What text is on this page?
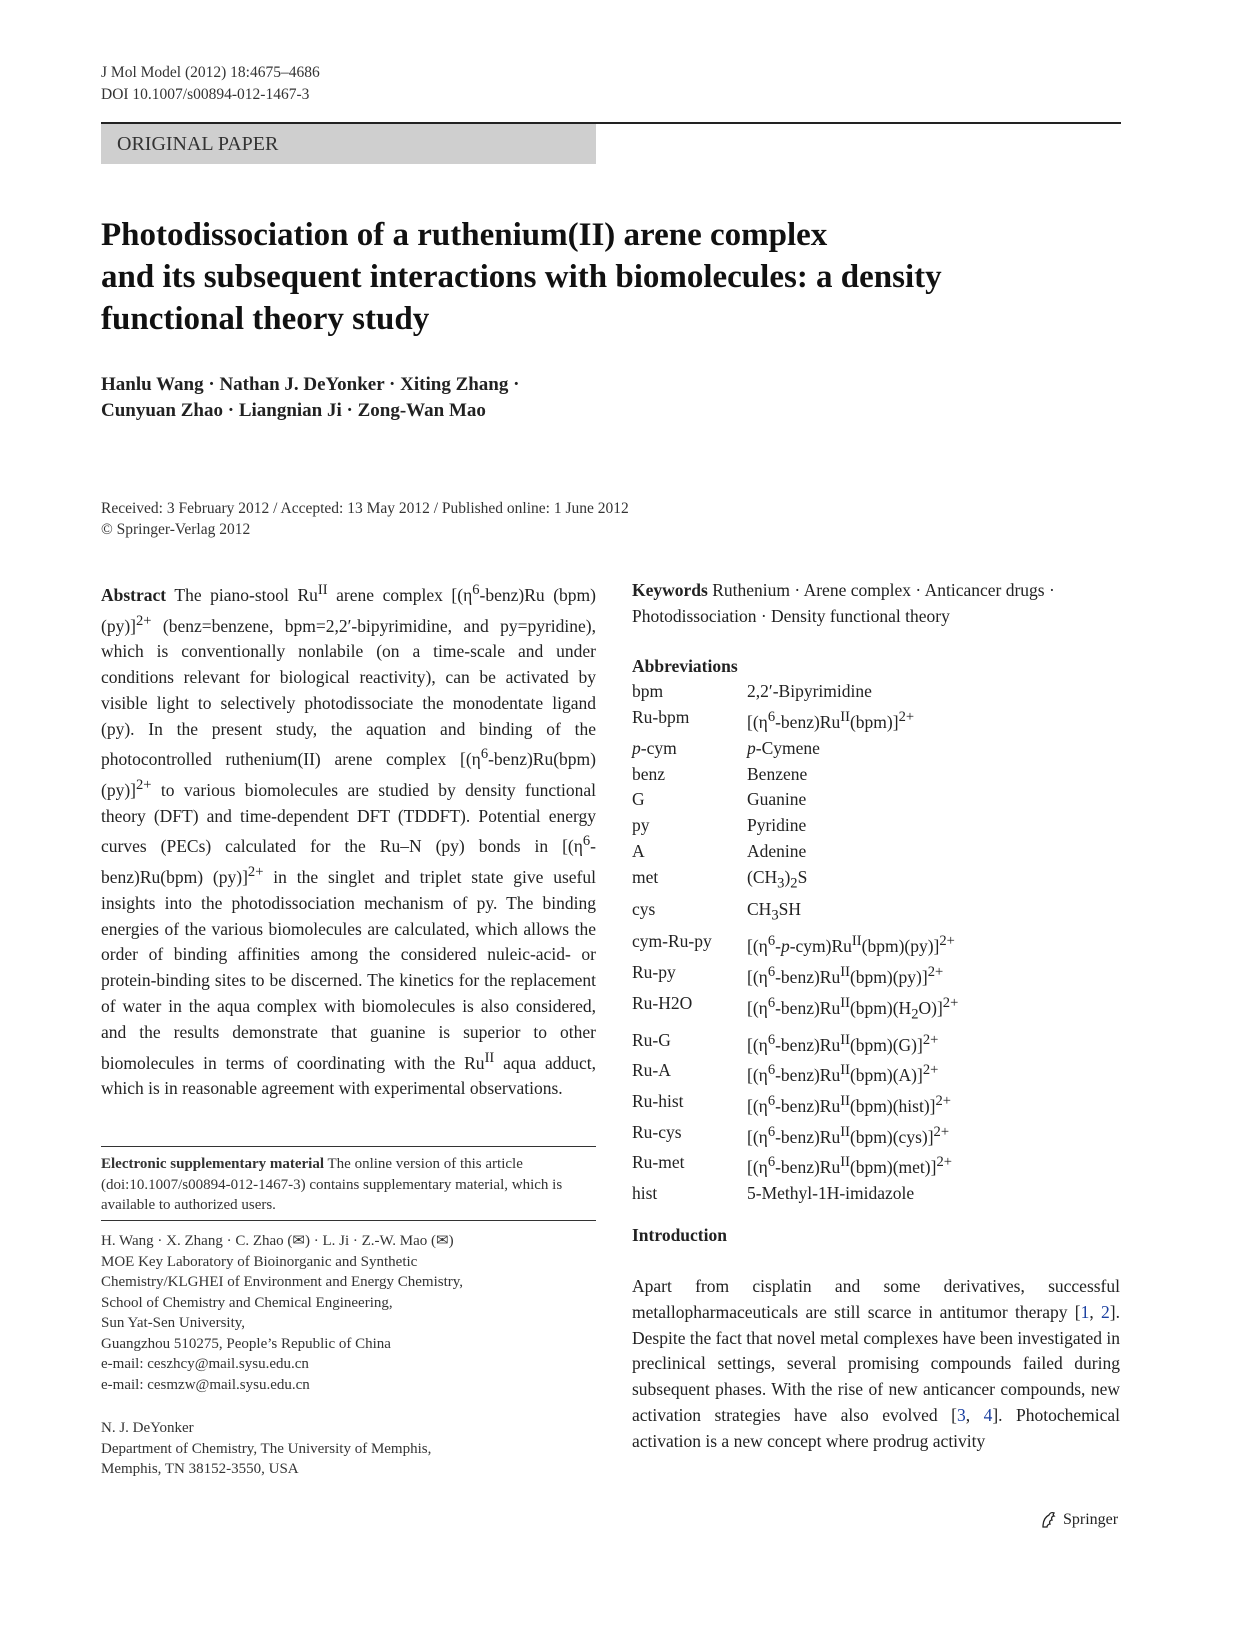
J Mol Model (2012) 18:4675–4686
DOI 10.1007/s00894-012-1467-3
ORIGINAL PAPER
Photodissociation of a ruthenium(II) arene complex
and its subsequent interactions with biomolecules: a density
functional theory study
Hanlu Wang · Nathan J. DeYonker · Xiting Zhang ·
Cunyuan Zhao · Liangnian Ji · Zong-Wan Mao
Received: 3 February 2012 / Accepted: 13 May 2012 / Published online: 1 June 2012
© Springer-Verlag 2012
Abstract The piano-stool $Ru^{II}$ arene complex [$(\eta^6-benz)Ru$ (bpm)(py)]$^{2+}$ (benz=benzene, bpm=2,2′-bipyrimidine, and py=pyridine), which is conventionally nonlabile (on a time-scale and under conditions relevant for biological reactivity), can be activated by visible light to selectively photodissociate the monodentate ligand (py). In the present study, the aquation and binding of the photocontrolled ruthenium(II) arene complex $[(\eta^6-benz)Ru(bpm)(py)]^{2+}$ to various biomolecules are studied by density functional theory (DFT) and time-dependent DFT (TDDFT). Potential energy curves (PECs) calculated for the Ru–N (py) bonds in [$(\eta^6-benz)Ru(bpm)$ (py)]$^{2+}$ in the singlet and triplet state give useful insights into the photodissociation mechanism of py. The binding energies of the various biomolecules are calculated, which allows the order of binding affinities among the considered nuleic-acid- or protein-binding sites to be discerned. The kinetics for the replacement of water in the aqua complex with biomolecules is also considered, and the results demonstrate that guanine is superior to other biomolecules in terms of coordinating with the $Ru^{II}$ aqua adduct, which is in reasonable agreement with experimental observations.
Keywords Ruthenium · Arene complex · Anticancer drugs · Photodissociation · Density functional theory
Abbreviations
bpm	2,2′-Bipyrimidine
Ru-bpm	$[(\eta^6-benz)Ru^{II}(bpm)]^{2+}$
p-cym	p-Cymene
benz	Benzene
G	Guanine
py	Pyridine
A	Adenine
met	$(CH_3)_2S$
cys	$CH_3SH$
cym-Ru-py	$[(\eta^6-p-cym)Ru^{II}(bpm)(py)]^{2+}$
Ru-py	$[(\eta^6-benz)Ru^{II}(bpm)(py)]^{2+}$
Ru-H2O	$[(\eta^6-benz)Ru^{II}(bpm)(H_2O)]^{2+}$
Ru-G	$[(\eta^6-benz)Ru^{II}(bpm)(G)]^{2+}$
Ru-A	$[(\eta^6-benz)Ru^{II}(bpm)(A)]^{2+}$
Ru-hist	$[(\eta^6-benz)Ru^{II}(bpm)(hist)]^{2+}$
Ru-cys	$[(\eta^6-benz)Ru^{II}(bpm)(cys)]^{2+}$
Ru-met	$[(\eta^6-benz)Ru^{II}(bpm)(met)]^{2+}$
hist	5-Methyl-1H-imidazole
Electronic supplementary material The online version of this article (doi:10.1007/s00894-012-1467-3) contains supplementary material, which is available to authorized users.
H. Wang · X. Zhang · C. Zhao (✉) · L. Ji · Z.-W. Mao (✉)
MOE Key Laboratory of Bioinorganic and Synthetic
Chemistry/KLGHEI of Environment and Energy Chemistry,
School of Chemistry and Chemical Engineering,
Sun Yat-Sen University,
Guangzhou 510275, People’s Republic of China
e-mail: ceszhcy@mail.sysu.edu.cn
e-mail: cesmzw@mail.sysu.edu.cn
N. J. DeYonker
Department of Chemistry, The University of Memphis,
Memphis, TN 38152-3550, USA
Introduction
Apart from cisplatin and some derivatives, successful metallopharmaceuticals are still scarce in antitumor therapy [1, 2]. Despite the fact that novel metal complexes have been investigated in preclinical settings, several promising compounds failed during subsequent phases. With the rise of new anticancer compounds, new activation strategies have also evolved [3, 4]. Photochemical activation is a new concept where prodrug activity
Springer
